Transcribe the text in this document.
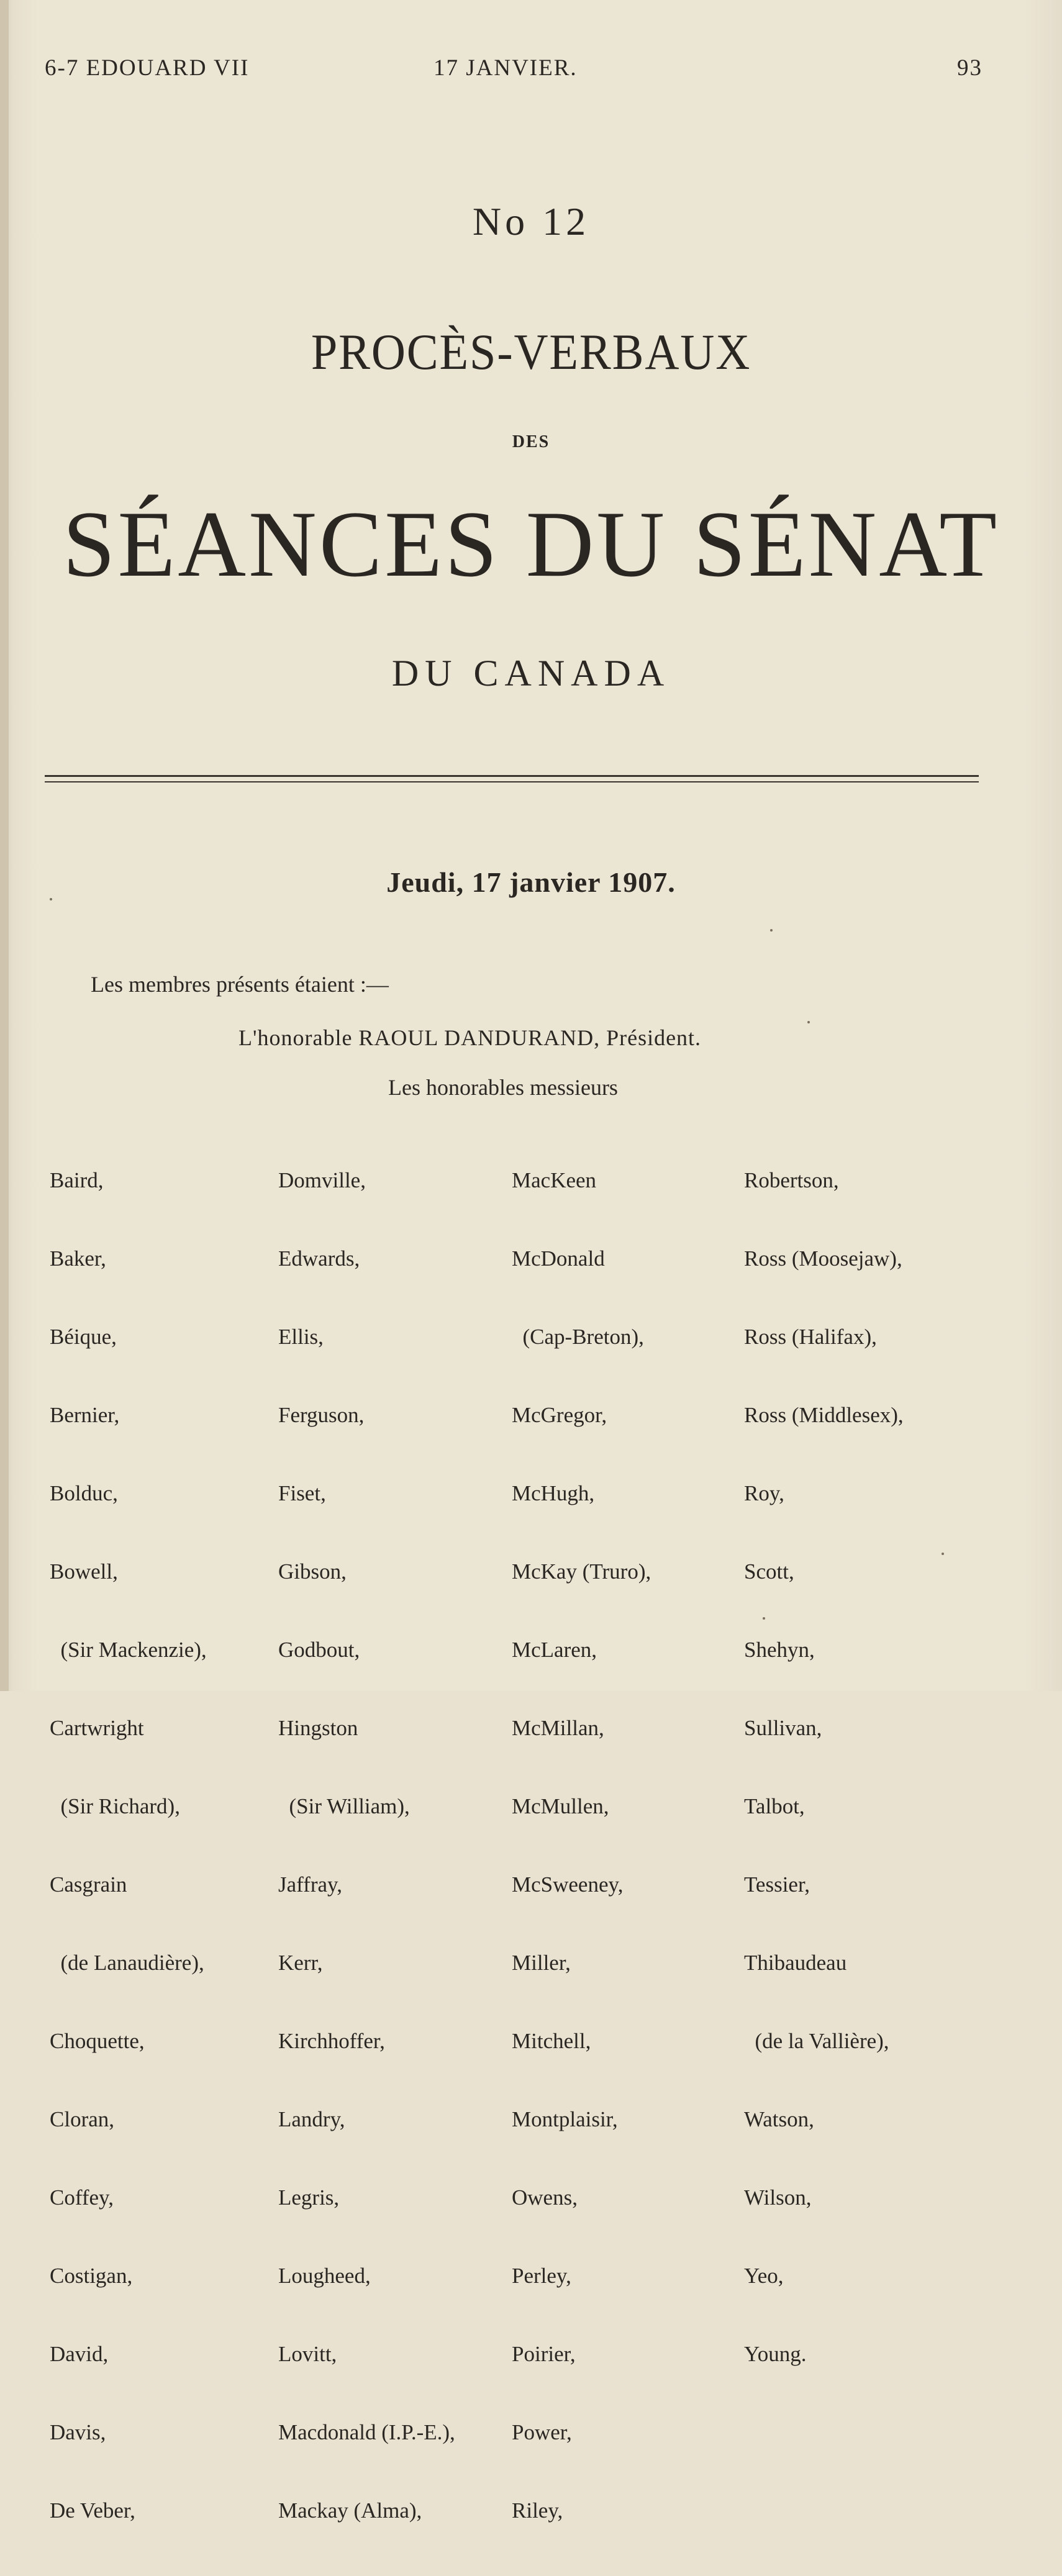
6-7 EDOUARD VII	17 JANVIER.	93
No 12
PROCÈS-VERBAUX
DES
SÉANCES DU SÉNAT
DU CANADA
Jeudi, 17 janvier 1907.
Les membres présents étaient :—
L'honorable RAOUL DANDURAND, Président.
Les honorables messieurs

Baird,

Baker,

Béique,

Bernier,

Bolduc,

Bowell,

(Sir Mackenzie),

Cartwright

(Sir Richard),

Casgrain

(de Lanaudière),

Choquette,

Cloran,

Coffey,

Costigan,

David,

Davis,

De Veber,

Domville,

Edwards,

Ellis,

Ferguson,

Fiset,

Gibson,

Godbout,

Hingston

(Sir William),

Jaffray,

Kerr,

Kirchhoffer,

Landry,

Legris,

Lougheed,

Lovitt,

Macdonald (I.P.-E.),

Mackay (Alma),

MacKeen

McDonald

(Cap-Breton),

McGregor,

McHugh,

McKay (Truro),

McLaren,

McMillan,

McMullen,

McSweeney,

Miller,

Mitchell,

Montplaisir,

Owens,

Perley,

Poirier,

Power,

Riley,

Robertson,

Ross (Moosejaw),

Ross (Halifax),

Ross (Middlesex),

Roy,

Scott,

Shehyn,

Sullivan,

Talbot,

Tessier,

Thibaudeau

(de la Vallière),

Watson,

Wilson,

Yeo,

Young.
